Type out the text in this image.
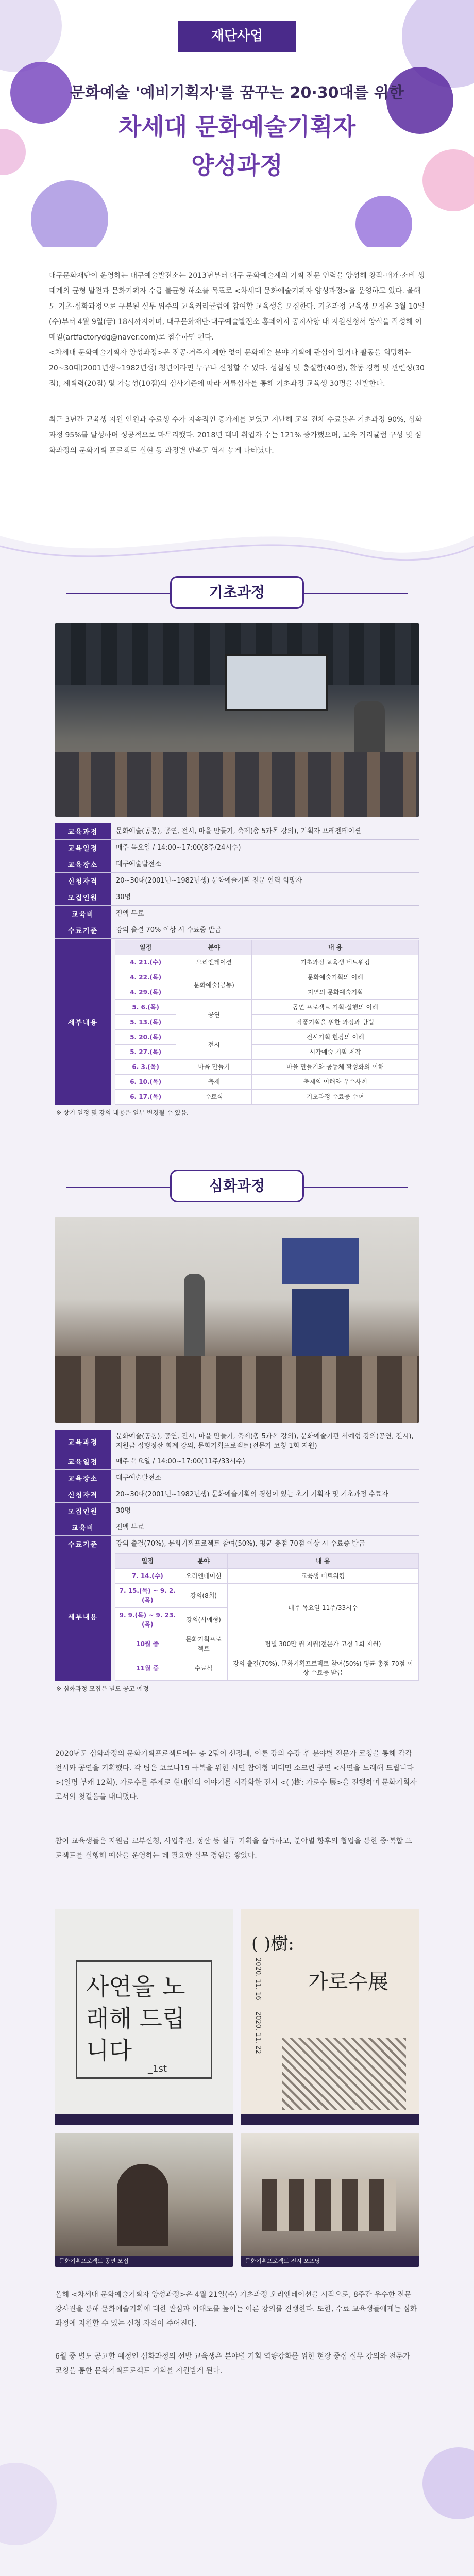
재단사업
문화예술 '예비기획자'를 꿈꾸는 20·30대를 위한
차세대 문화예술기획자
양성과정

대구문화재단이 운영하는 대구예술발전소는 2013년부터 대구 문화예술계의 기획 전문 인력을 양성해 창작·매개·소비 생태계의 균형 발전과 문화기획자 수급 불균형 해소를 목표로 <차세대 문화예술기획자 양성과정>을 운영하고 있다. 올해도 기초·심화과정으로 구분된 실무 위주의 교육커리큘럼에 참여할 교육생을 모집한다. 기초과정 교육생 모집은 3월 10일(수)부터 4월 9일(금) 18시까지이며, 대구문화재단·대구예술발전소 홈페이지 공지사항 내 지원신청서 양식을 작성해 이메일(artfactorydg@naver.com)로 접수하면 된다.

<차세대 문화예술기획자 양성과정>은 전공·거주지 제한 없이 문화예술 분야 기획에 관심이 있거나 활동을 희망하는 20~30대(2001년생~1982년생) 청년이라면 누구나 신청할 수 있다. 성실성 및 충실함(40점), 활동 경험 및 관련성(30점), 계획력(20점) 및 가능성(10점)의 심사기준에 따라 서류심사를 통해 기초과정 교육생 30명을 선발한다.

최근 3년간 교육생 지원 인원과 수료생 수가 지속적인 증가세를 보였고 지난해 교육 전체 수료율은 기초과정 90%, 심화과정 95%를 달성하며 성공적으로 마무리했다. 2018년 대비 취업자 수는 121% 증가했으며, 교육 커리큘럼 구성 및 심화과정의 문화기획 프로젝트 실현 등 과정별 만족도 역시 높게 나타났다.

기초과정
교육과정	문화예술(공통), 공연, 전시, 마을 만들기, 축제(총 5과목 강의), 기획자 프레젠테이션
교육일정	매주 목요일 / 14:00~17:00(8주/24시수)
교육장소	대구예술발전소
신청자격	20~30대(2001년~1982년생) 문화예술기획 전문 인력 희망자
모집인원	30명
교육비	전액 무료
수료기준	강의 출결 70% 이상 시 수료증 발급
세부내용
일정	분야	내 용
4. 21.(수)	오리엔테이션	기초과정 교육생 네트워킹
4. 22.(목)	문화예술(공통)	문화예술기획의 이해
4. 29.(목)		지역의 문화예술기획
5. 6.(목)	공연	공연 프로젝트 기획·실행의 이해
5. 13.(목)		작품기획을 위한 과정과 방법
5. 20.(목)	전시	전시기획 현장의 이해
5. 27.(목)		시각예술 기획 제작
6. 3.(목)	마을 만들기	마을 만들기와 공동체 활성화의 이해
6. 10.(목)	축제	축제의 이해와 우수사례
6. 17.(목)	수료식	기초과정 수료증 수여
※ 상기 일정 및 강의 내용은 일부 변경될 수 있음.
심화과정
교육과정
문화예술(공통), 공연, 전시, 마을 만들기, 축제(총 5과목 강의), 문화예술기관 서예형 강의(공연, 전시), 지원금 집행정산 회계 강의, 문화기획프로젝트(전문가 코칭 1회 지원)
교육일정	매주 목요일 / 14:00~17:00(11주/33시수)
교육장소	대구예술발전소
신청자격	20~30대(2001년~1982년생) 문화예술기획의 경험이 있는 초기 기획자 및 기초과정 수료자
모집인원	30명
교육비	전액 무료
수료기준	강의 출결(70%), 문화기획프로젝트 참여(50%), 평균 총점 70점 이상 시 수료증 발급
세부내용
일정	분야	내 용
7. 14.(수)	오리엔테이션	교육생 네트워킹
7. 15.(목) ~ 9. 2.(목)	강의(8회)	매주 목요일 11주/33시수
9. 9.(목) ~ 9. 23.(목)	강의(서예형)	
10월 중	문화기획프로젝트	팀별 300만 원 지원(전문가 코칭 1회 지원)
11월 중	수료식	강의 출결(70%), 문화기획프로젝트 참여(50%) 평균 총점 70점 이상 수료증 발급
※ 심화과정 모집은 별도 공고 예정
2020년도 심화과정의 문화기획프로젝트에는 총 2팀이 선정돼, 이론 강의 수강 후 분야별 전문가 코칭을 통해 각각 전시와 공연을 기획했다. 각 팀은 코로나19 극복을 위한 시민 참여형 비대면 소크린 공연 <사연을 노래해 드립니다>(일명 부캐 12회), 가로수를 주제로 현대인의 이야기를 시각화한 전시 <( )樹: 가로수 展>을 진행하며 문화기획자로서의 첫걸음을 내디뎠다.
참여 교육생들은 지원금 교부신청, 사업추진, 정산 등 실무 기획을 습득하고, 분야별 향후의 협업을 통한 중·복합 프로젝트를 실행해 예산을 운영하는 데 필요한 실무 경험을 쌓았다.
사연을 노래해 드립니다
_1st
( )樹:
가로수展
2020. 11. 16 — 2020. 11. 22
문화기획프로젝트 공연 모집	문화기획프로젝트 전시 오프닝
올해 <차세대 문화예술기획자 양성과정>은 4월 21일(수) 기초과정 오리엔테이션을 시작으로, 8주간 우수한 전문 강사진을 통해 문화예술기획에 대한 관심과 이해도를 높이는 이론 강의를 진행한다. 또한, 수료 교육생들에게는 심화과정에 지원할 수 있는 신청 자격이 주어진다.
6월 중 별도 공고할 예정인 심화과정의 선발 교육생은 분야별 기획 역량강화를 위한 현장 중심 실무 강의와 전문가 코칭을 통한 문화기획프로젝트 기회를 지원받게 된다.
